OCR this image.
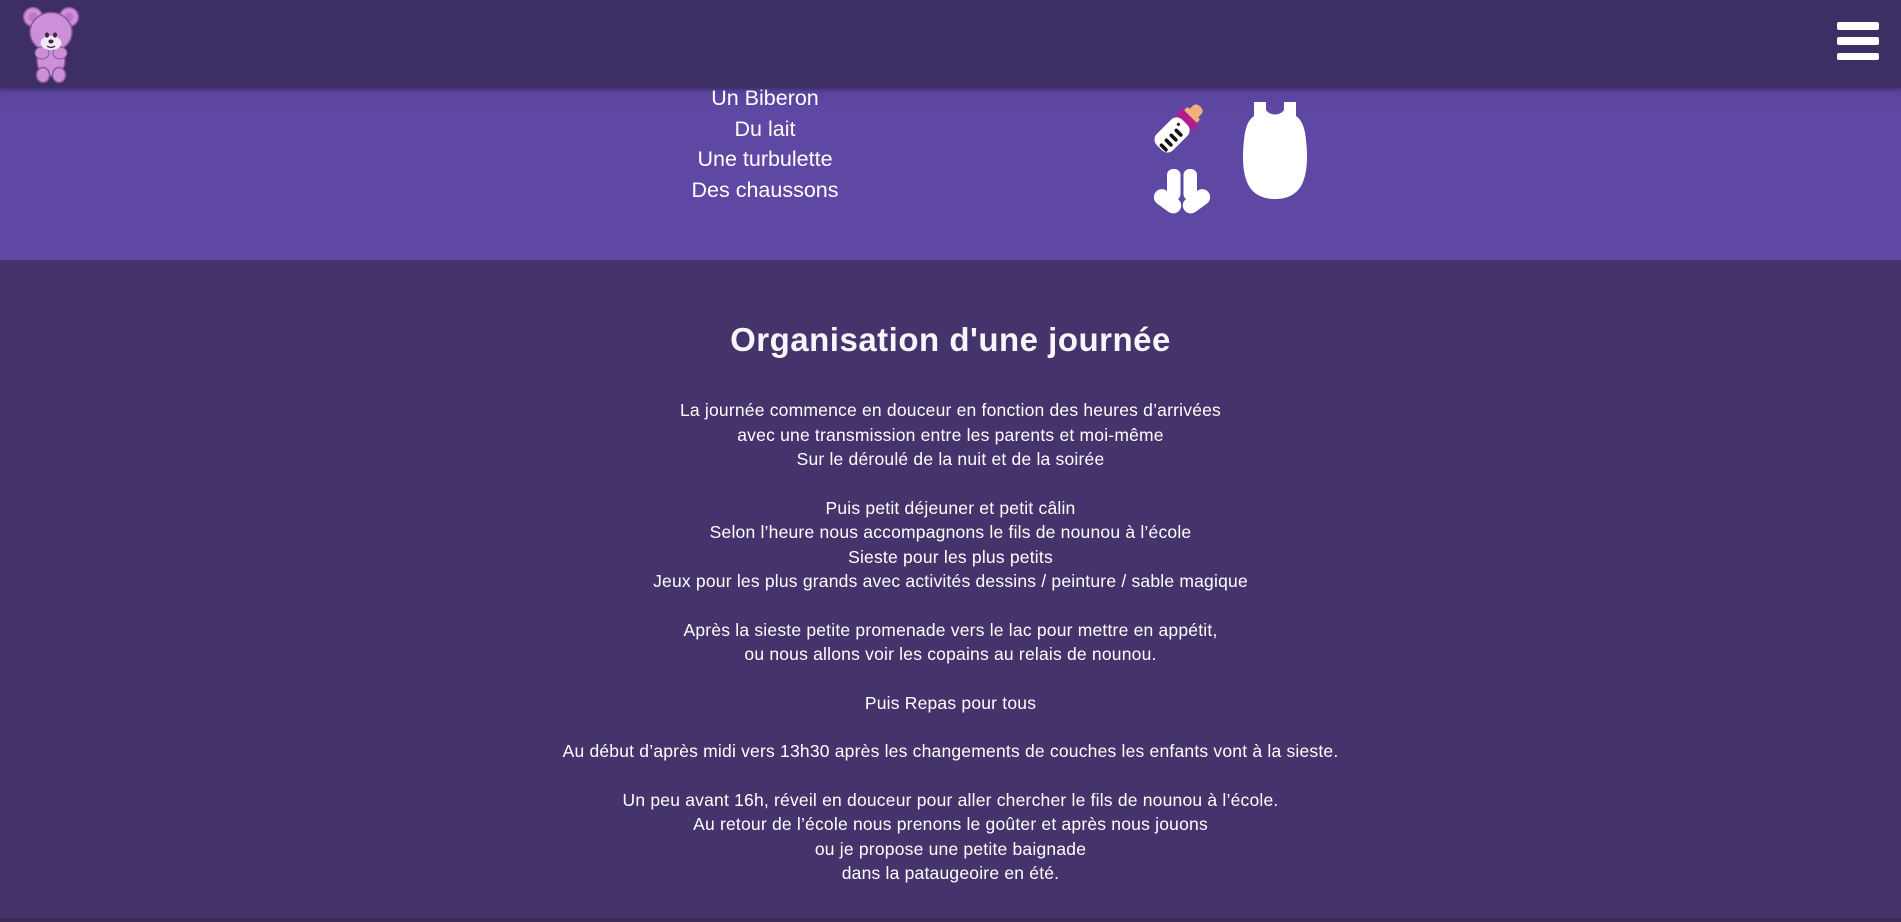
Un Biberon
Du lait
Une turbulette
Des chaussons
Organisation d'une journée

La journée commence en douceur en fonction des heures d’arrivées
avec une transmission entre les parents et moi-même
Sur le déroulé de la nuit et de la soirée

Puis petit déjeuner et petit câlin
Selon l’heure nous accompagnons le fils de nounou à l’école
Sieste pour les plus petits
Jeux pour les plus grands avec activités dessins / peinture / sable magique

Après la sieste petite promenade vers le lac pour mettre en appétit,
ou nous allons voir les copains au relais de nounou.

Puis Repas pour tous

Au début d’après midi vers 13h30 après les changements de couches les enfants vont à la sieste.

Un peu avant 16h, réveil en douceur pour aller chercher le fils de nounou à l’école.
Au retour de l’école nous prenons le goûter et après nous jouons
ou je propose une petite baignade
dans la pataugeoire en été.
